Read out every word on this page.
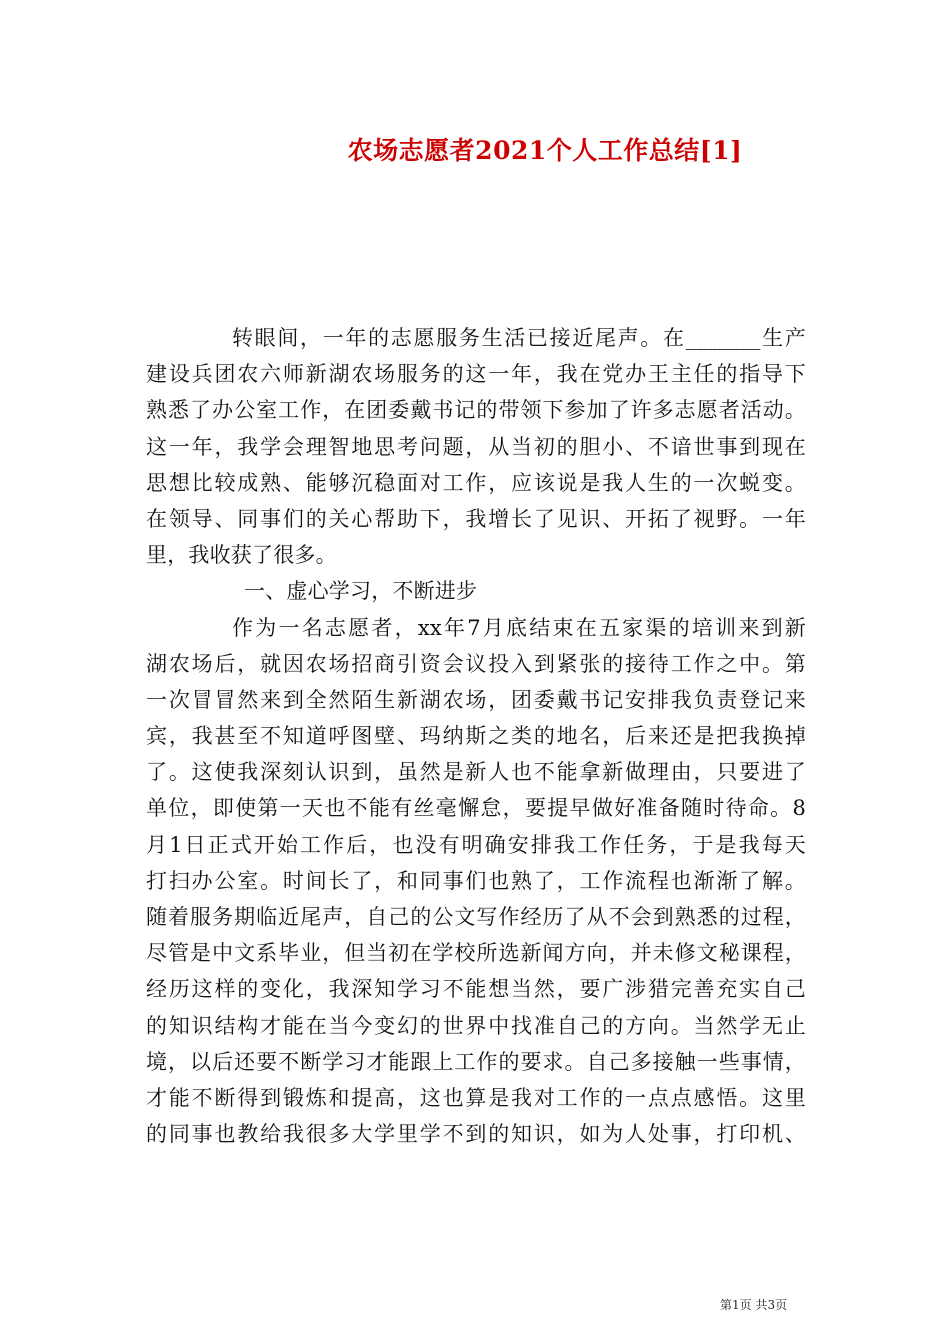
农场志愿者2021个人工作总结[1]
转眼间，一年的志愿服务生活已接近尾声。在_______生产
建设兵团农六师新湖农场服务的这一年，我在党办王主任的指导下
熟悉了办公室工作，在团委戴书记的带领下参加了许多志愿者活动。
这一年，我学会理智地思考问题，从当初的胆小、不谙世事到现在
思想比较成熟、能够沉稳面对工作，应该说是我人生的一次蜕变。
在领导、同事们的关心帮助下，我增长了见识、开拓了视野。一年
里，我收获了很多。
一、虚心学习，不断进步
作为一名志愿者，xx年7月底结束在五家渠的培训来到新
湖农场后，就因农场招商引资会议投入到紧张的接待工作之中。第
一次冒冒然来到全然陌生新湖农场，团委戴书记安排我负责登记来
宾，我甚至不知道呼图壁、玛纳斯之类的地名，后来还是把我换掉
了。这使我深刻认识到，虽然是新人也不能拿新做理由，只要进了
单位，即使第一天也不能有丝毫懈怠，要提早做好准备随时待命。8
月1日正式开始工作后，也没有明确安排我工作任务，于是我每天
打扫办公室。时间长了，和同事们也熟了，工作流程也渐渐了解。
随着服务期临近尾声，自己的公文写作经历了从不会到熟悉的过程，
尽管是中文系毕业，但当初在学校所选新闻方向，并未修文秘课程，
经历这样的变化，我深知学习不能想当然，要广涉猎完善充实自己
的知识结构才能在当今变幻的世界中找准自己的方向。当然学无止
境，以后还要不断学习才能跟上工作的要求。自己多接触一些事情，
才能不断得到锻炼和提高，这也算是我对工作的一点点感悟。这里
的同事也教给我很多大学里学不到的知识，如为人处事，打印机、
第1页 共3页
